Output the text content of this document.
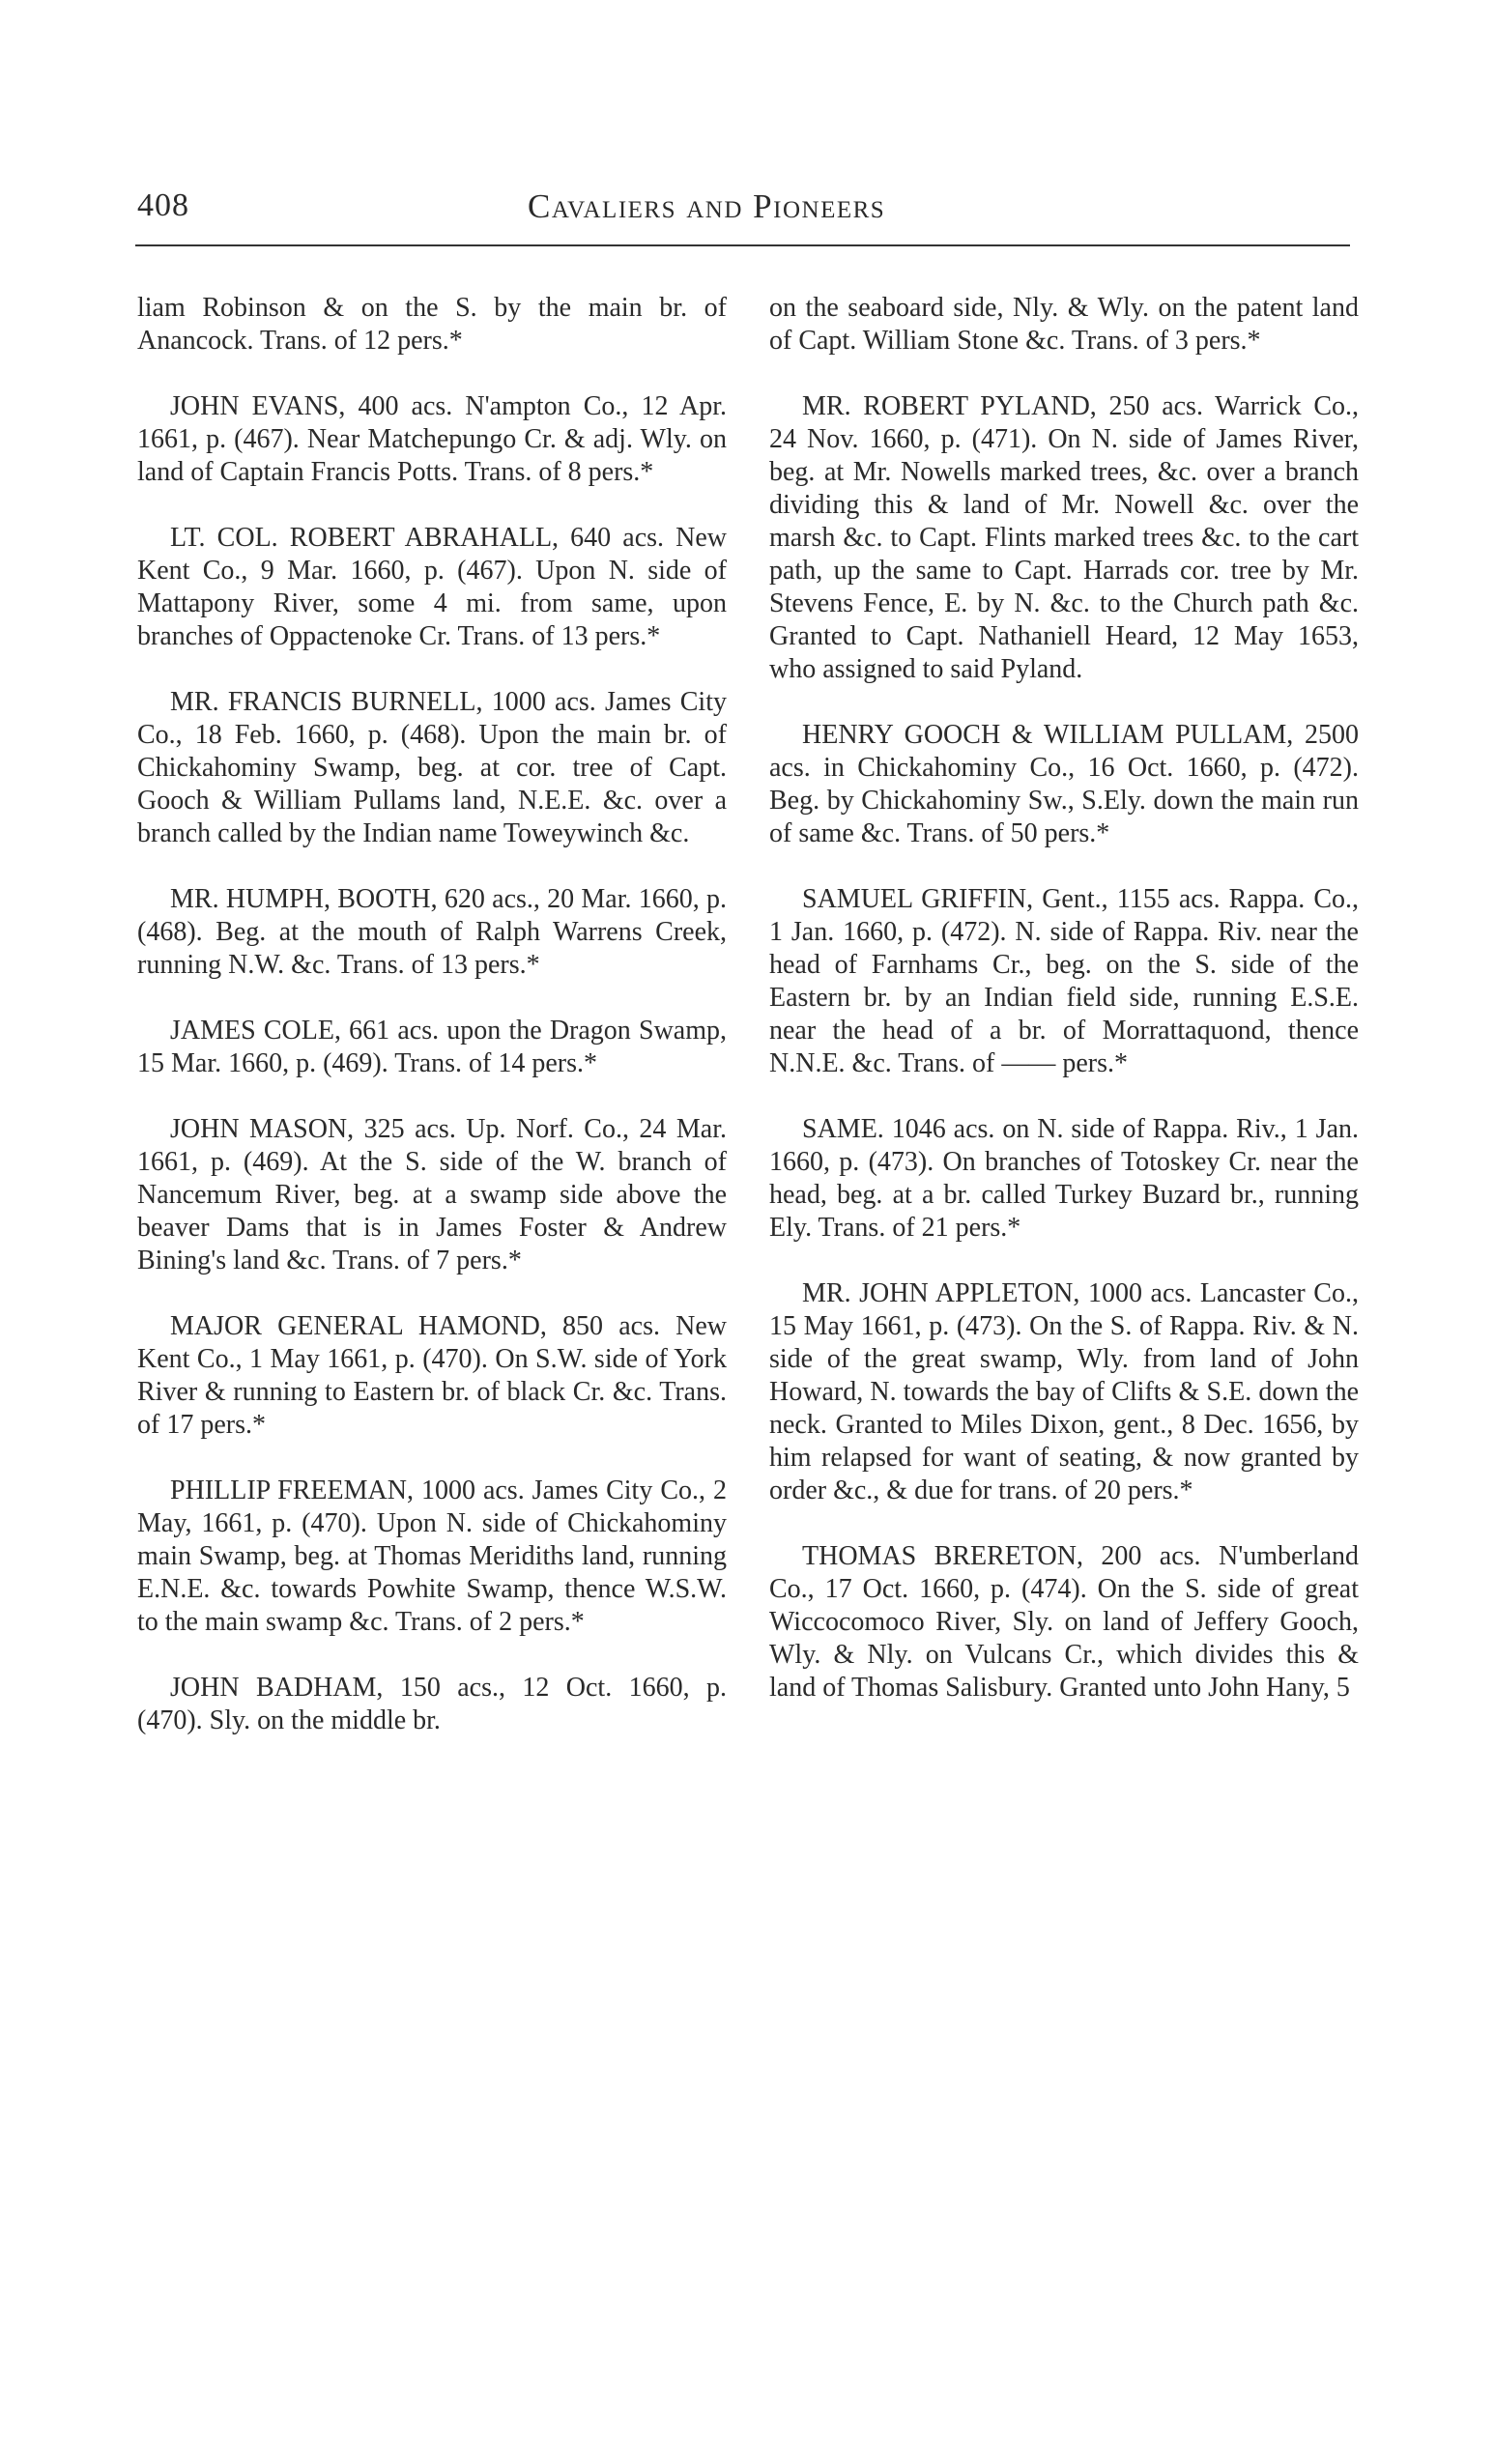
408	Cavaliers and Pioneers

liam Robinson & on the S. by the main br. of Anancock. Trans. of 12 pers.*

JOHN EVANS, 400 acs. N'ampton Co., 12 Apr. 1661, p. (467). Near Matchepungo Cr. & adj. Wly. on land of Captain Francis Potts. Trans. of 8 pers.*

LT. COL. ROBERT ABRAHALL, 640 acs. New Kent Co., 9 Mar. 1660, p. (467). Upon N. side of Mattapony River, some 4 mi. from same, upon branches of Oppactenoke Cr. Trans. of 13 pers.*

MR. FRANCIS BURNELL, 1000 acs. James City Co., 18 Feb. 1660, p. (468). Upon the main br. of Chickahominy Swamp, beg. at cor. tree of Capt. Gooch & William Pullams land, N.E.E. &c. over a branch called by the Indian name Toweywinch &c.

MR. HUMPH, BOOTH, 620 acs., 20 Mar. 1660, p. (468). Beg. at the mouth of Ralph Warrens Creek, running N.W. &c. Trans. of 13 pers.*

JAMES COLE, 661 acs. upon the Dragon Swamp, 15 Mar. 1660, p. (469). Trans. of 14 pers.*

JOHN MASON, 325 acs. Up. Norf. Co., 24 Mar. 1661, p. (469). At the S. side of the W. branch of Nancemum River, beg. at a swamp side above the beaver Dams that is in James Foster & Andrew Bining's land &c. Trans. of 7 pers.*

MAJOR GENERAL HAMOND, 850 acs. New Kent Co., 1 May 1661, p. (470). On S.W. side of York River & running to Eastern br. of black Cr. &c. Trans. of 17 pers.*

PHILLIP FREEMAN, 1000 acs. James City Co., 2 May, 1661, p. (470). Upon N. side of Chickahominy main Swamp, beg. at Thomas Meridiths land, running E.N.E. &c. towards Powhite Swamp, thence W.S.W. to the main swamp &c. Trans. of 2 pers.*

JOHN BADHAM, 150 acs., 12 Oct. 1660, p. (470). Sly. on the middle br.

on the seaboard side, Nly. & Wly. on the patent land of Capt. William Stone &c. Trans. of 3 pers.*

MR. ROBERT PYLAND, 250 acs. Warrick Co., 24 Nov. 1660, p. (471). On N. side of James River, beg. at Mr. Nowells marked trees, &c. over a branch dividing this & land of Mr. Nowell &c. over the marsh &c. to Capt. Flints marked trees &c. to the cart path, up the same to Capt. Harrads cor. tree by Mr. Stevens Fence, E. by N. &c. to the Church path &c. Granted to Capt. Nathaniell Heard, 12 May 1653, who assigned to said Pyland.

HENRY GOOCH & WILLIAM PULLAM, 2500 acs. in Chickahominy Co., 16 Oct. 1660, p. (472). Beg. by Chickahominy Sw., S.Ely. down the main run of same &c. Trans. of 50 pers.*

SAMUEL GRIFFIN, Gent., 1155 acs. Rappa. Co., 1 Jan. 1660, p. (472). N. side of Rappa. Riv. near the head of Farnhams Cr., beg. on the S. side of the Eastern br. by an Indian field side, running E.S.E. near the head of a br. of Morrattaquond, thence N.N.E. &c. Trans. of —— pers.*

SAME. 1046 acs. on N. side of Rappa. Riv., 1 Jan. 1660, p. (473). On branches of Totoskey Cr. near the head, beg. at a br. called Turkey Buzard br., running Ely. Trans. of 21 pers.*

MR. JOHN APPLETON, 1000 acs. Lancaster Co., 15 May 1661, p. (473). On the S. of Rappa. Riv. & N. side of the great swamp, Wly. from land of John Howard, N. towards the bay of Clifts & S.E. down the neck. Granted to Miles Dixon, gent., 8 Dec. 1656, by him relapsed for want of seating, & now granted by order &c., & due for trans. of 20 pers.*

THOMAS BRERETON, 200 acs. N'umberland Co., 17 Oct. 1660, p. (474). On the S. side of great Wiccocomoco River, Sly. on land of Jeffery Gooch, Wly. & Nly. on Vulcans Cr., which divides this & land of Thomas Salisbury. Granted unto John Hany, 5
